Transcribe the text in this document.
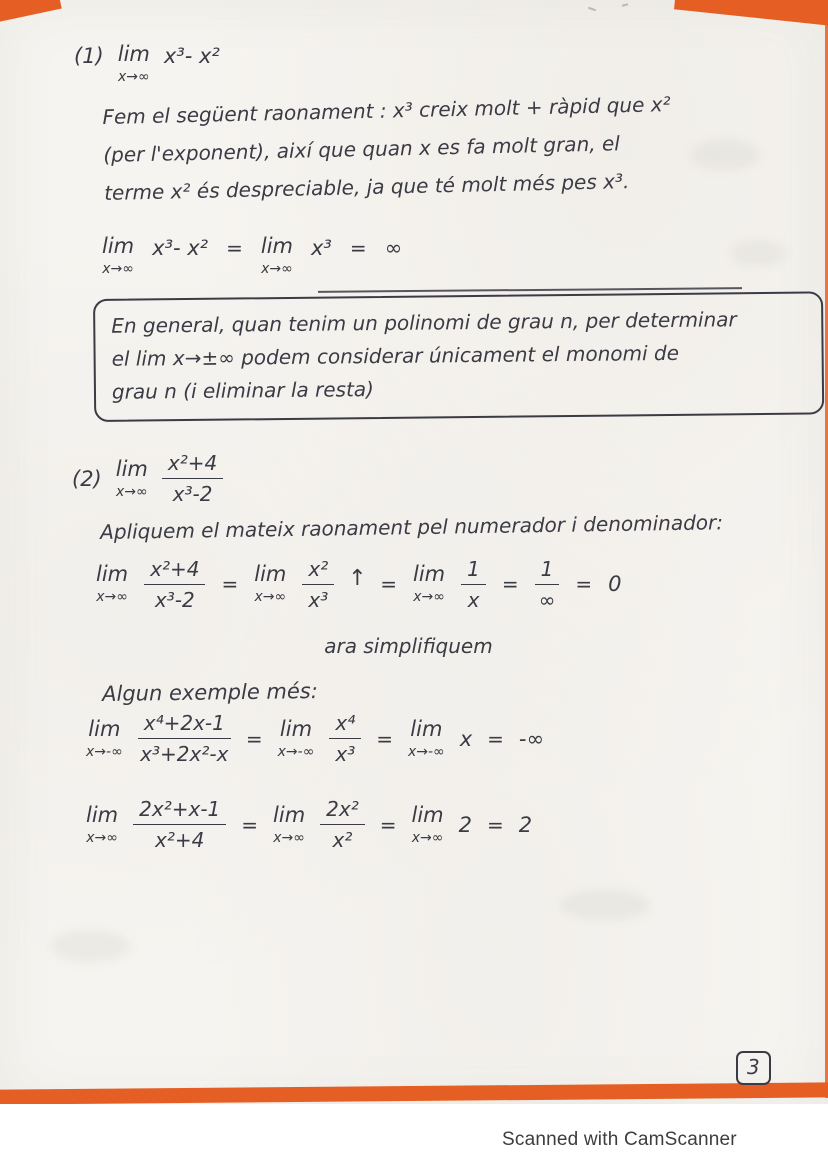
(1) lim
x→∞
x³- x²
Fem el següent raonament : x³ creix molt + ràpid que x²
(per l'exponent), així que quan x es fa molt gran, el
terme x² és despreciable, ja que té molt més pes x³.
lim
x→∞
x³- x² = lim
x→∞
x³ = ∞
En general, quan tenim un polinomi de grau n, per determinar
el lim x→±∞ podem considerar únicament el monomi de
grau n (i eliminar la resta)
(2) lim
$x\to\infty \frac{\text{x²+4}}{\text{x³-2}}$
Apliquem el mateix raonament pel numerador i denominador:
lim
$x\to\infty \frac{\text{x²+4}}{\text{x³-2}} = \lim$
$x\to\infty \frac{\text{x²}}{\text{x³}}$ ↑
ara simplifiquem
= lim
$x\to\infty \frac{1}{x} = \frac{1}{\infty} = 0$
Algun exemple més:
lim
$x\to-\infty \frac{\text{x⁴+2x-1}}{\text{x³+2x²-x}} = \lim$
$x\to-\infty \frac{\text{x⁴}}{\text{x³}} = \lim$
x→-∞
x = -∞
lim
$x\to\infty \frac{\text{2x²+x-1}}{\text{x²+4}} = \lim$
$x\to\infty \frac{\text{2x²}}{\text{x²}} = \lim$
x→∞
2 = 2
3
Scanned with CamScanner
